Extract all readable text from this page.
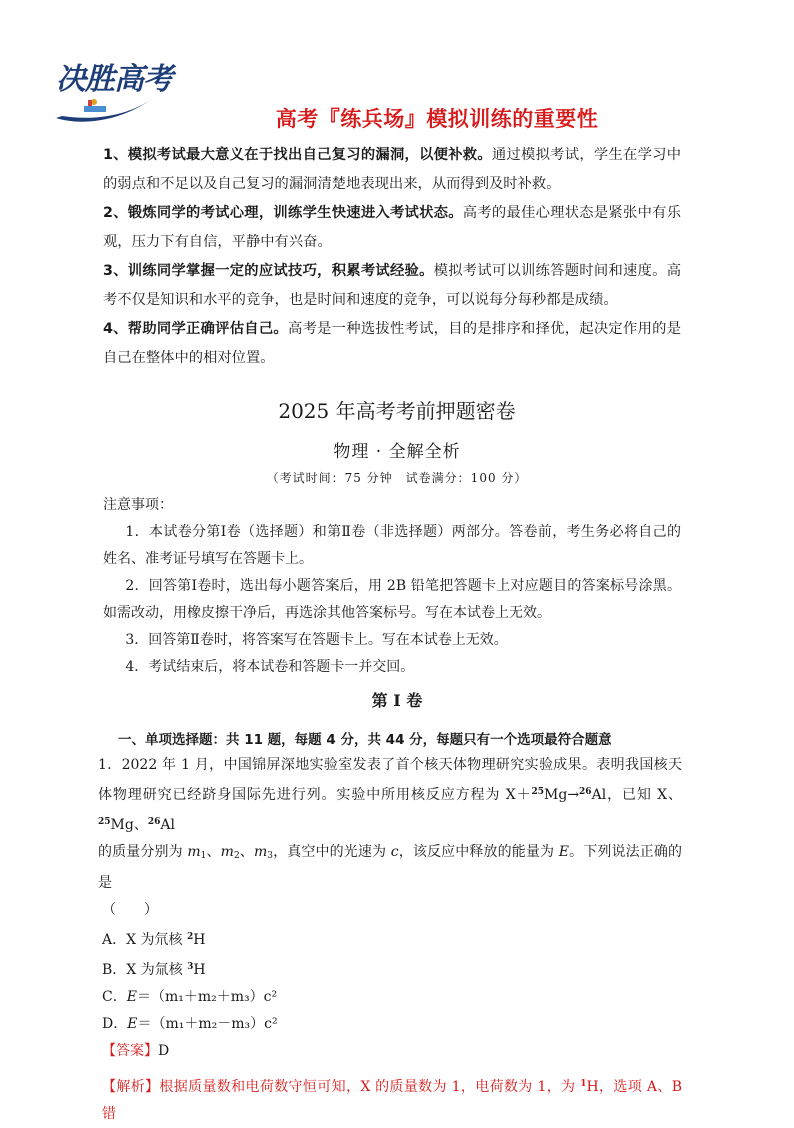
决胜高考
高考『练兵场』模拟训练的重要性

1、模拟考试最大意义在于找出自己复习的漏洞，以便补救。通过模拟考试，学生在学习中的弱点和不足以及自己复习的漏洞清楚地表现出来，从而得到及时补救。

2、锻炼同学的考试心理，训练学生快速进入考试状态。高考的最佳心理状态是紧张中有乐观，压力下有自信，平静中有兴奋。

3、训练同学掌握一定的应试技巧，积累考试经验。模拟考试可以训练答题时间和速度。高考不仅是知识和水平的竞争，也是时间和速度的竞争，可以说每分每秒都是成绩。

4、帮助同学正确评估自己。高考是一种选拔性考试，目的是排序和择优，起决定作用的是自己在整体中的相对位置。

2025 年高考考前押题密卷
物理 · 全解全析
（考试时间：75 分钟　试卷满分：100 分）

注意事项：

1．本试卷分第Ⅰ卷（选择题）和第Ⅱ卷（非选择题）两部分。答卷前，考生务必将自己的姓名、准考证号填写在答题卡上。

2．回答第Ⅰ卷时，选出每小题答案后，用 2B 铅笔把答题卡上对应题目的答案标号涂黑。如需改动，用橡皮擦干净后，再选涂其他答案标号。写在本试卷上无效。

3．回答第Ⅱ卷时，将答案写在答题卡上。写在本试卷上无效。

4．考试结束后，将本试卷和答题卡一并交回。

第 I 卷
一、单项选择题：共 11 题，每题 4 分，共 44 分，每题只有一个选项最符合题意

1．2022 年 1 月，中国锦屏深地实验室发表了首个核天体物理研究实验成果。表明我国核天体物理研究已经跻身国际先进行列。实验中所用核反应方程为 X＋$^{25}$Mg→$^{26}$Al，已知 X、$^{25}$Mg、$^{26}$Al
的质量分别为 $m_1$、$m_2$、$m_3$，真空中的光速为 c，该反应中释放的能量为 E。下列说法正确的是

（　　）

A．X 为氘核 $^2$H

B．X 为氚核 $^3$H

C．E＝（m₁＋m₂＋m₃）c²

D．E＝（m₁＋m₂－m₃）c²

【答案】D

【解析】根据质量数和电荷数守恒可知，X 的质量数为 1，电荷数为 1，为 $^1$H，选项 A、B 错
